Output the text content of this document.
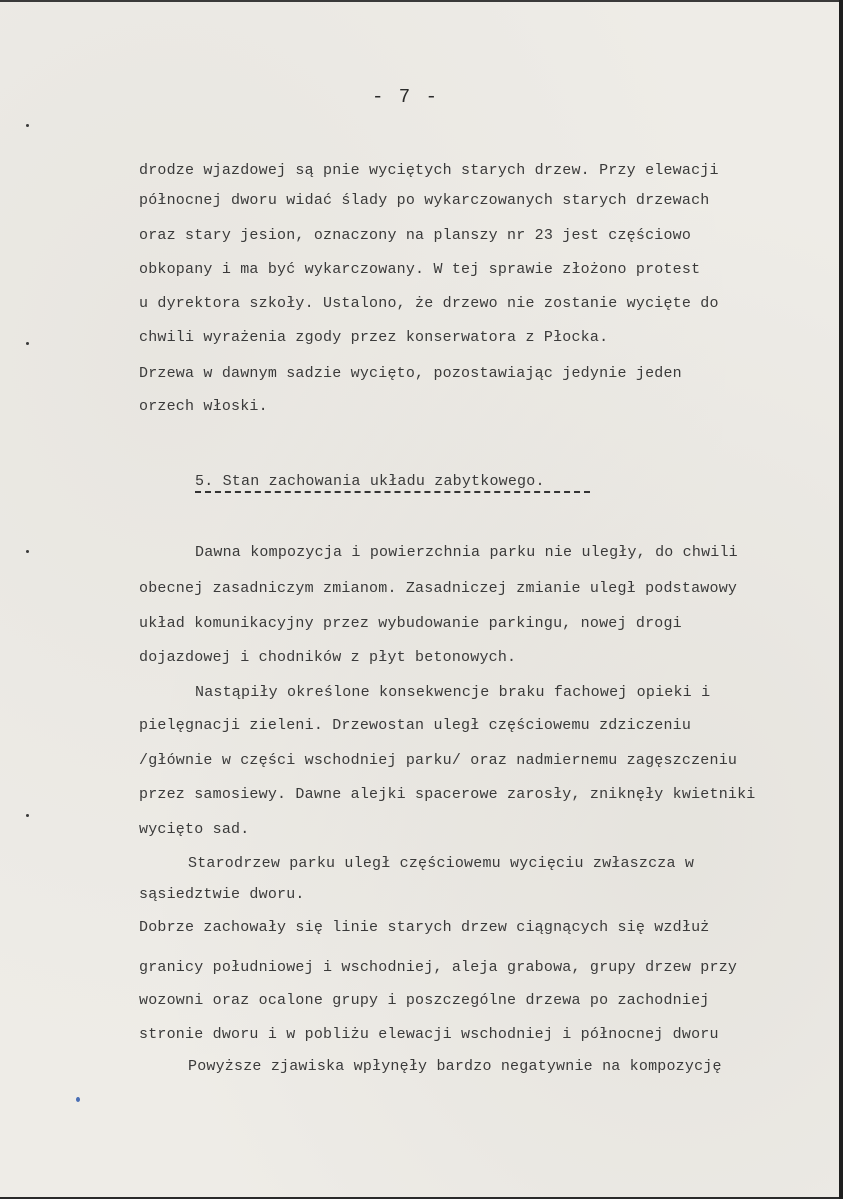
- 7 -
drodze wjazdowej są pnie wyciętych starych drzew. Przy elewacji
północnej dworu widać ślady po wykarczowanych starych drzewach
oraz stary jesion, oznaczony na planszy nr 23 jest częściowo
obkopany i ma być wykarczowany. W tej sprawie złożono protest
u dyrektora szkoły. Ustalono, że drzewo nie zostanie wycięte do
chwili wyrażenia zgody przez konserwatora z Płocka.
Drzewa w dawnym sadzie wycięto, pozostawiając jedynie jeden
orzech włoski.
5. Stan zachowania układu zabytkowego.
Dawna kompozycja i powierzchnia parku nie uległy, do chwili
obecnej zasadniczym zmianom. Zasadniczej zmianie uległ podstawowy
układ komunikacyjny przez wybudowanie parkingu, nowej drogi
dojazdowej i chodników z płyt betonowych.
Nastąpiły określone konsekwencje braku fachowej opieki i
pielęgnacji zieleni. Drzewostan uległ częściowemu zdziczeniu
/głównie w części wschodniej parku/ oraz nadmiernemu zagęszczeniu
przez samosiewy. Dawne alejki spacerowe zarosły, zniknęły kwietniki
wycięto sad.
Starodrzew parku uległ częściowemu wycięciu zwłaszcza w
sąsiedztwie dworu.
Dobrze zachowały się linie starych drzew ciągnących się wzdłuż
granicy południowej i wschodniej, aleja grabowa, grupy drzew przy
wozowni oraz ocalone grupy i poszczególne drzewa po zachodniej
stronie dworu i w pobliżu elewacji wschodniej i północnej dworu
Powyższe zjawiska wpłynęły bardzo negatywnie na kompozycję
